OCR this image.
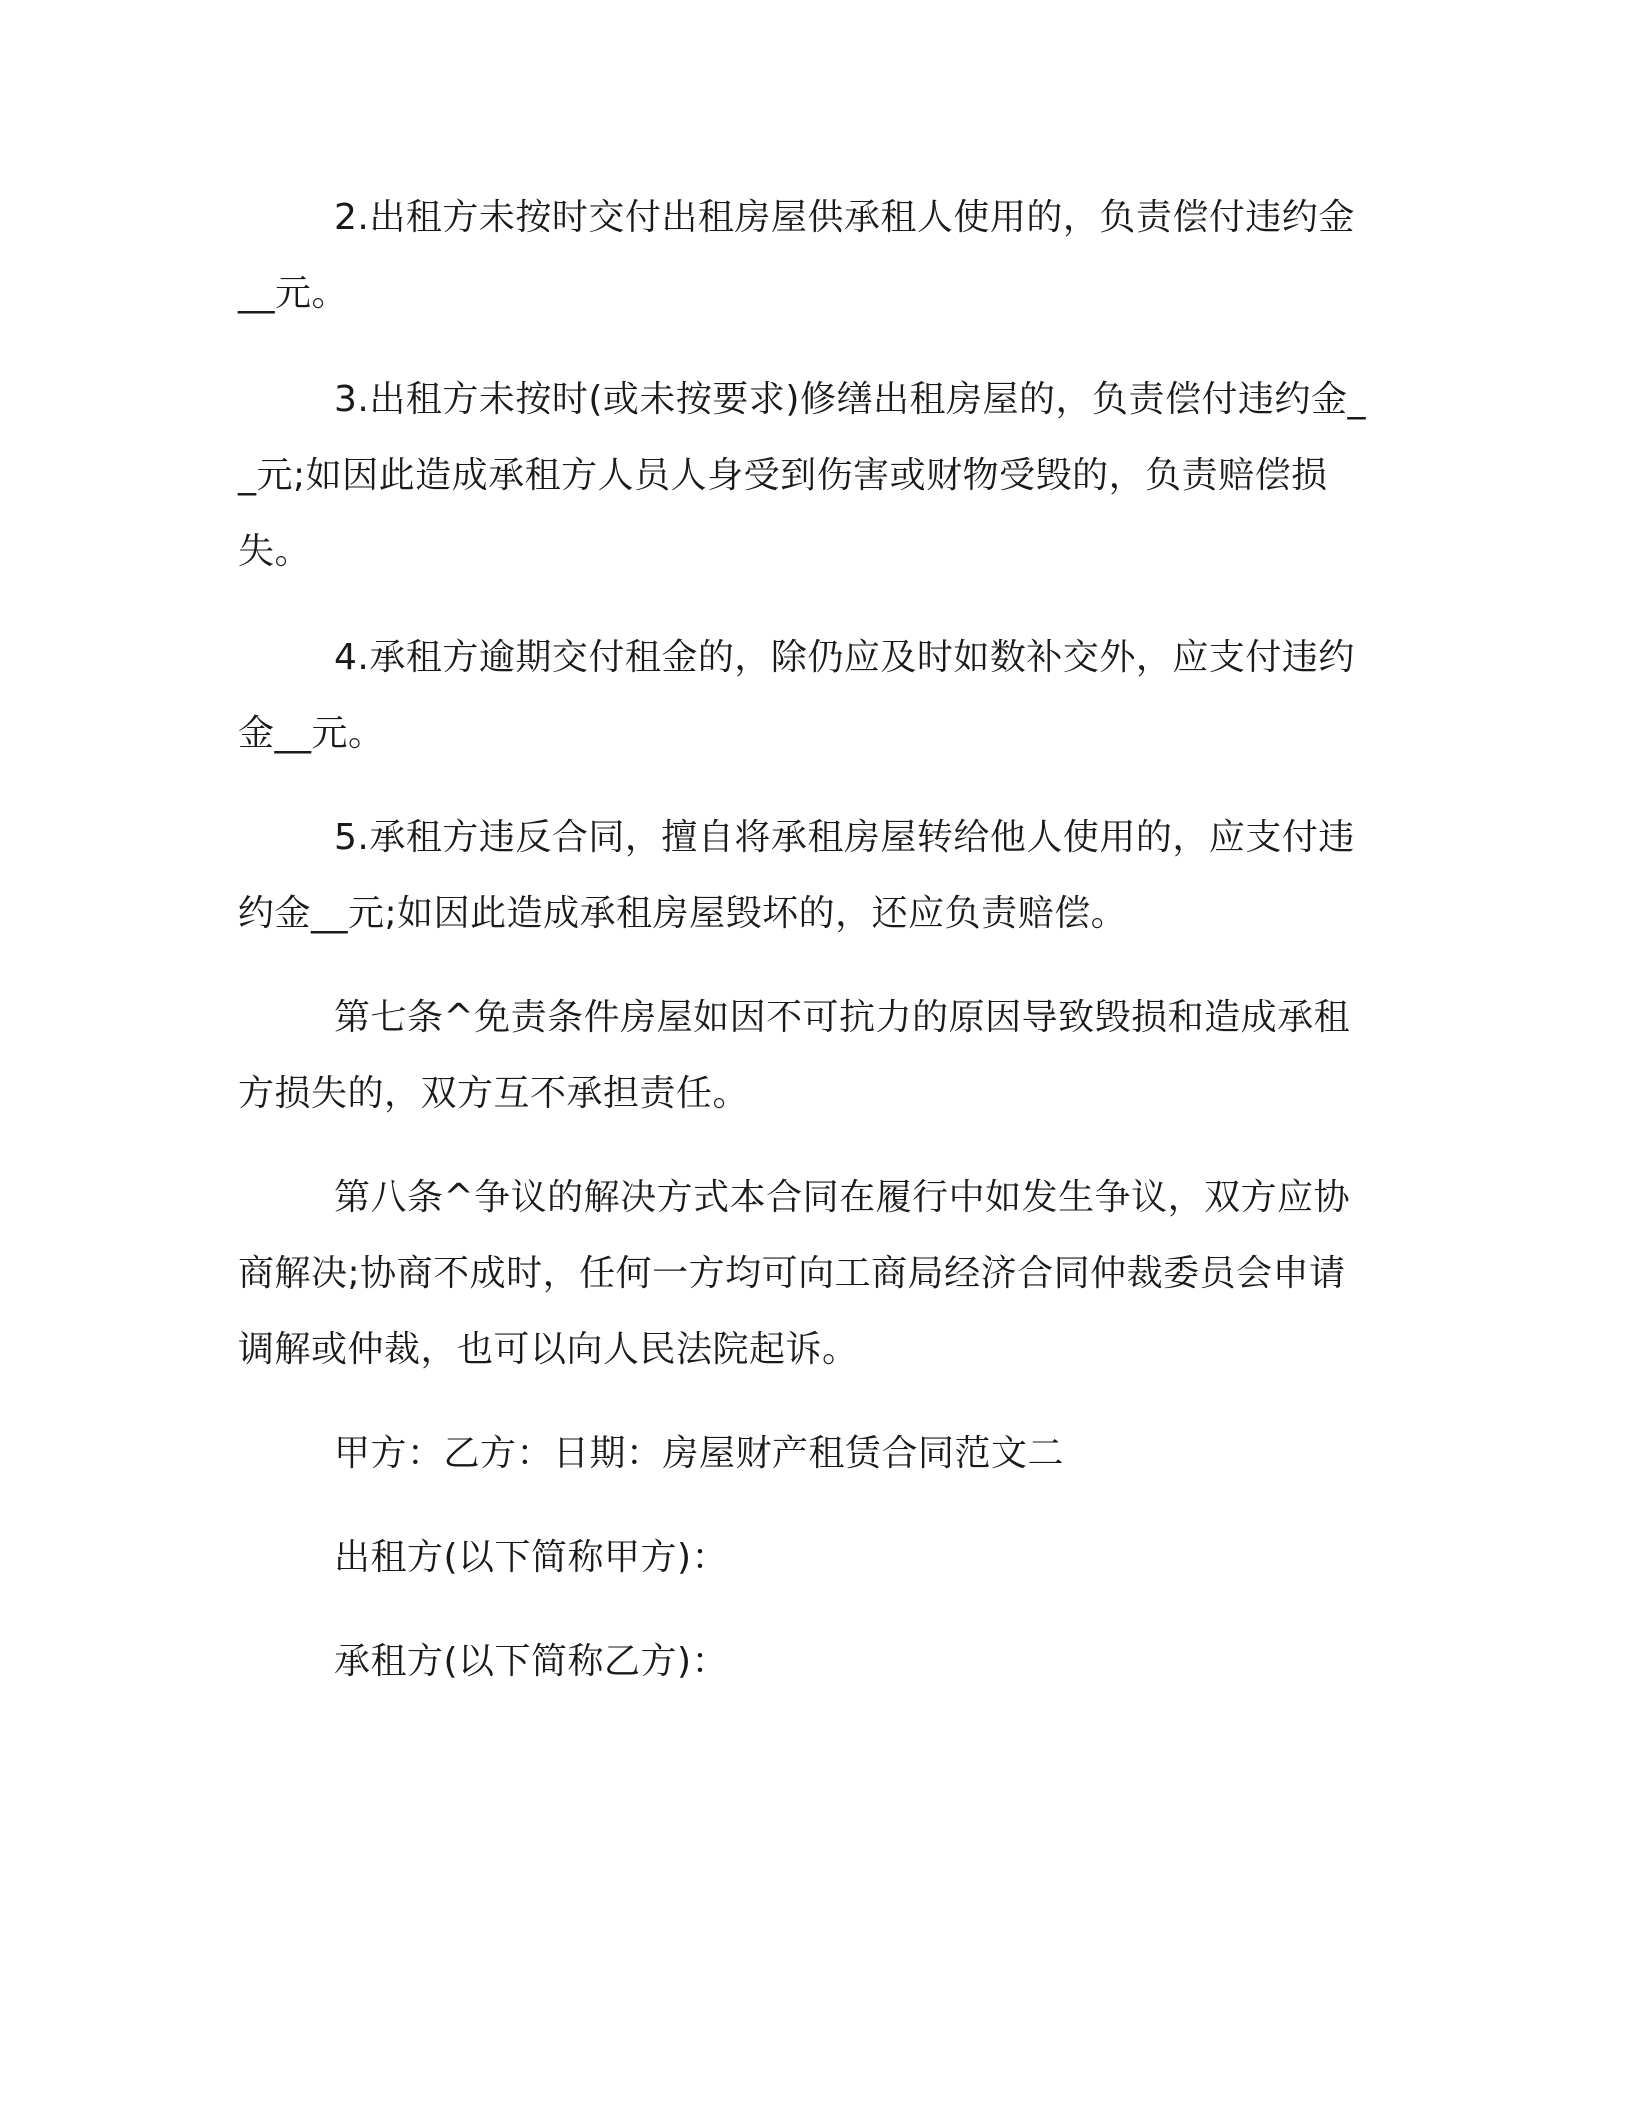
2.出租方未按时交付出租房屋供承租人使用的，负责偿付违约金__元。

3.出租方未按时(或未按要求)修缮出租房屋的，负责偿付违约金__元;如因此造成承租方人员人身受到伤害或财物受毁的，负责赔偿损失。

4.承租方逾期交付租金的，除仍应及时如数补交外，应支付违约金__元。

5.承租方违反合同，擅自将承租房屋转给他人使用的，应支付违约金__元;如因此造成承租房屋毁坏的，还应负责赔偿。

第七条^免责条件房屋如因不可抗力的原因导致毁损和造成承租方损失的，双方互不承担责任。

第八条^争议的解决方式本合同在履行中如发生争议，双方应协商解决;协商不成时，任何一方均可向工商局经济合同仲裁委员会申请调解或仲裁，也可以向人民法院起诉。

甲方：乙方：日期：房屋财产租赁合同范文二

出租方(以下简称甲方)：

承租方(以下简称乙方)：
